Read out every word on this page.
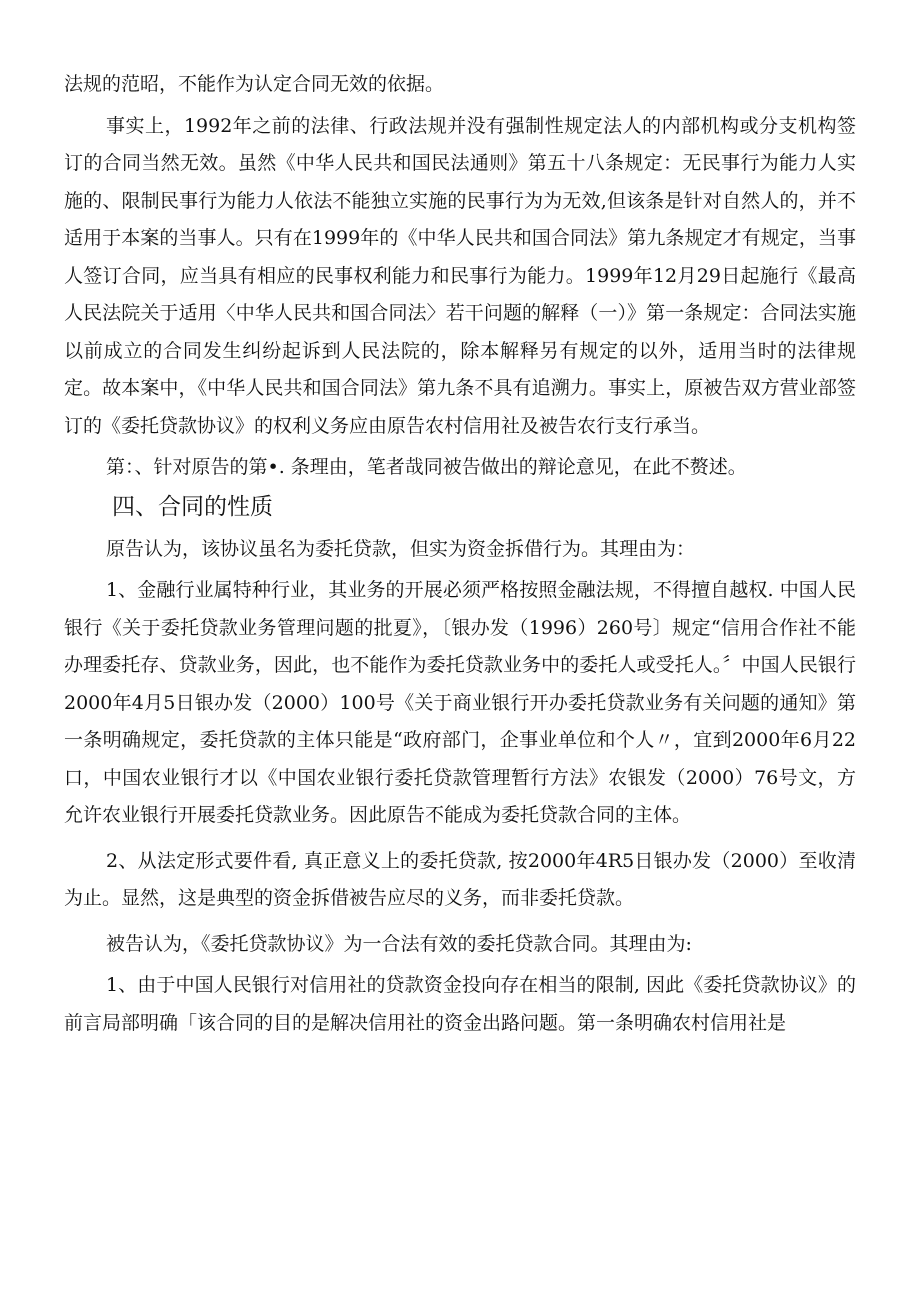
法规的范昭，不能作为认定合同无效的依据。

事实上，1992年之前的法律、行政法规并没有强制性规定法人的内部机构或分支机构签订的合同当然无效。虽然《中华人民共和国民法通则》第五十八条规定：无民事行为能力人实施的、限制民事行为能力人依法不能独立实施的民事行为为无效,但该条是针对自然人的，并不适用于本案的当事人。只有在1999年的《中华人民共和国合同法》第九条规定才有规定，当事人签订合同，应当具有相应的民事权利能力和民事行为能力。1999年12月29日起施行《最高人民法院关于适用〈中华人民共和国合同法〉若干问题的解释（一）》第一条规定：合同法实施以前成立的合同发生纠纷起诉到人民法院的，除本解释另有规定的以外，适用当时的法律规定。故本案中，《中华人民共和国合同法》第九条不具有追溯力。事实上，原被告双方营业部签订的《委托贷款协议》的权利义务应由原告农村信用社及被告农行支行承当。

第：、针对原告的第•. 条理由，笔者哉同被告做出的辩论意见，在此不赘述。

四、合同的性质

原告认为，该协议虽名为委托贷款，但实为资金拆借行为。其理由为：

1、金融行业属特种行业，其业务的开展必须严格按照金融法规，不得擅自越权. 中国人民银行《关于委托贷款业务管理问题的批夏》，〔银办发（1996）260号〕规定“信用合作社不能办理委托存、贷款业务，因此，也不能作为委托贷款业务中的委托人或受托人。〞中国人民银行2000年4月5日银办发（2000）100号《关于商业银行开办委托贷款业务有关问题的通知》第一条明确规定，委托贷款的主体只能是“政府部门，企事业单位和个人〃，宜到2000年6月22口，中国农业银行才以《中国农业银行委托贷款管理暂行方法》农银发（2000）76号文，方允许农业银行开展委托贷款业务。因此原告不能成为委托贷款合同的主体。

2、从法定形式要件看, 真正意义上的委托贷款, 按2000年4R5日银办发（2000）至收清为止。显然，这是典型的资金拆借被告应尽的义务，而非委托贷款。

被告认为，《委托贷款协议》为一合法有效的委托贷款合同。其理由为:

1、由于中国人民银行对信用社的贷款资金投向存在相当的限制, 因此《委托贷款协议》的前言局部明确「该合同的目的是解决信用社的资金出路问题。第一条明确农村信用社是
